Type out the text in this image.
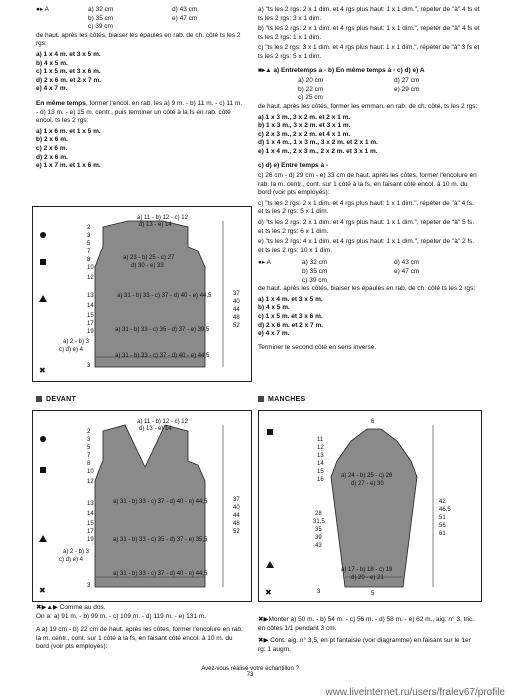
●▸ A	a) 32 cm	d) 43 cm
b) 35 cm	e) 47 cm
c) 39 cm

de haut. après les côtés, biaiser les épaules en rab. de ch. côté ts les 2 rgs:

a) 1 x 4 m. et 3 x 5 m.
b) 4 x 5 m.
c) 1 x 5 m. et 3 x 6 m.
d) 2 x 6 m. et 2 x 7 m.
e) 4 x 7 m.

En même temps, former l'encol. en rab. les a) 9 m. - b) 11 m. - c) 11 m. - d) 13 m. - e) 15 m. centr., puis terminer un côté à la fs en rab. côté encol. ts les 2 rgs:

a) 1 x 6 m. et 1 x 5 m.
b) 2 x 6 m.
c) 2 x 6 m.
d) 2 x 6 m.
e) 1 x 7 m. et 1 x 6 m.

a) "ts les 2 rgs: 2 x 1 dim. et 4 rgs plus haut: 1 x 1 dim.", répéter de "à" 4 fs et ts les 2 rgs: 3 x 1 dim.

b) "ts les 2 rgs: 2 x 1 dim. et 4 rgs plus haut: 1 x 1 dim.", répéter de "à" 4 fs et ts les 2 rgs: 1 x 1 dim.

c) "ts les 2 rgs: 3 x 1 dim. et 4 rgs plus haut: 1 x 1 dim.", répéter de "à" 3 fs et ts les 2 rgs: 5 x 1 dim.

■▸▲ a) Entretemps a - b) En même temps à - c) d) e) A

a) 20 cm	d) 27 cm
b) 22 cm	e) 29 cm
c) 25 cm

de haut. après les côtés, former les emman. en rab. de ch. côté, ts les 2 rgs:

a) 1 x 3 m., 3 x 2 m. et 2 x 1 m.
b) 1 x 3 m., 3 x 2 m. et 3 x 1 m.
c) 2 x 3 m., 2 x 2 m. et 4 x 1 m.
d) 1 x 4 m., 1 x 3 m., 3 x 2 m. et 2 x 1 m.
e) 1 x 4 m., 2 x 3 m., 2 x 2 m. et 3 x 1 m.

c) d) e) Entre temps à -

c) 26 cm - d) 29 cm - e) 33 cm de haut. après les côtes, former l'encolure en rab. la m. centr., cont. sur 1 côté à la fs, en faisant côté encol. à 10 m. du bord (voir pts employés):

c) "ts les 2 rgs: 2 x 1 dim. et 4 rgs plus haut: 1 x 1 dim.", répéter de "à" 4 fs. et ts les 2 rgs: 5 x 1 dim.

d) "ts les 2 rgs: 2 x 1 dim. et 4 rgs plus haut: 1 x 1 dim.", répéter de "à" 5 fs. et ts les 2 rgs: 6 x 1 dim.

e) "ts les 2 rgs: 4 x 1 dim. et 4 rgs plus haut: 1 x 1 dim.", répéter de "à" 2 fs. et ts les 2 rgs: 10 x 1 dim.

●▸ A	a) 32 cm	d) 43 cm
b) 35 cm	e) 47 cm
c) 39 cm

de haut. après les côtés, biaiser les épaules en rab. de ch. côté ts les 2 rgs:

a) 1 x 4 m. et 3 x 5 m.
b) 4 x 5 m.
c) 1 x 5 m. et 3 x 6 m.
d) 2 x 6 m. et 2 x 7 m.
e) 4 x 7 m.

Terminer le second côté en sens inverse.

a) 11 - b) 12 - c) 12
d) 13 - e) 14
a) 23 - b) 25 - c) 27
d) 30 - e) 33
a) 31 - b) 33 - c) 37 - d) 40 - e) 44,5
a) 31 - b) 33 - c) 35 - d) 37 - e) 39,5
a) 31 - b) 33 - c) 37 - d) 40 - e) 44,5
2
3
5
7
8
10
12
13
14
15
17
19
37
40
44
48
52
a) 2 - b) 3
c) d) e) 4
3
✖
DEVANT
a) 11 - b) 12 - c) 12
d) 13 - e) 14
a) 31 - b) 33 - c) 37 - d) 40 - e) 44,5
a) 31 - b) 33 - c) 35 - d) 37 - e) 35,5
a) 31 - b) 33 - c) 37 - d) 40 - e) 44,5
2
3
5
7
8
10
12
13
14
15
17
19
37
40
44
48
52
a) 2 - b) 3
c) d) e) 4
3
✖
MANCHES
6
a) 24 - b) 25 - c) 26
d) 27 - e) 30
a) 17 - b) 18 - c) 19
d) 20 - e) 21
11
12
13
14
15
16
28
31,5
35
39
43
42
46,5
51
56
61
3	5
✖
✖▶▲▶ Comme au dos.
On a: a) 91 m. - b) 99 m. - c) 109 m. - d) 119 m. - e) 131 m.
A a) 19 cm - b) 22 cm de haut. après les côtes, former l'encolure en rab. la m. centr., cont. sur 1 côté à la fs, en faisant côté encol. à 10 m. du bord (voir pts employés):
✖▶Monter a) 50 m. - b) 54 m. - c) 56 m. - d) 58 m. - e) 62 m., aig. n° 3, tric. en côtes 1/1 pendant 3 cm.
✖▶ Cont. aig. n° 3,5, en pt fantaisie (voir diagramme) en faisant sur le 1er rg: 1 augm.
Avez-vous réalisé votre échantillon ?
73
www.liveinternet.ru/users/fralev67/profile
